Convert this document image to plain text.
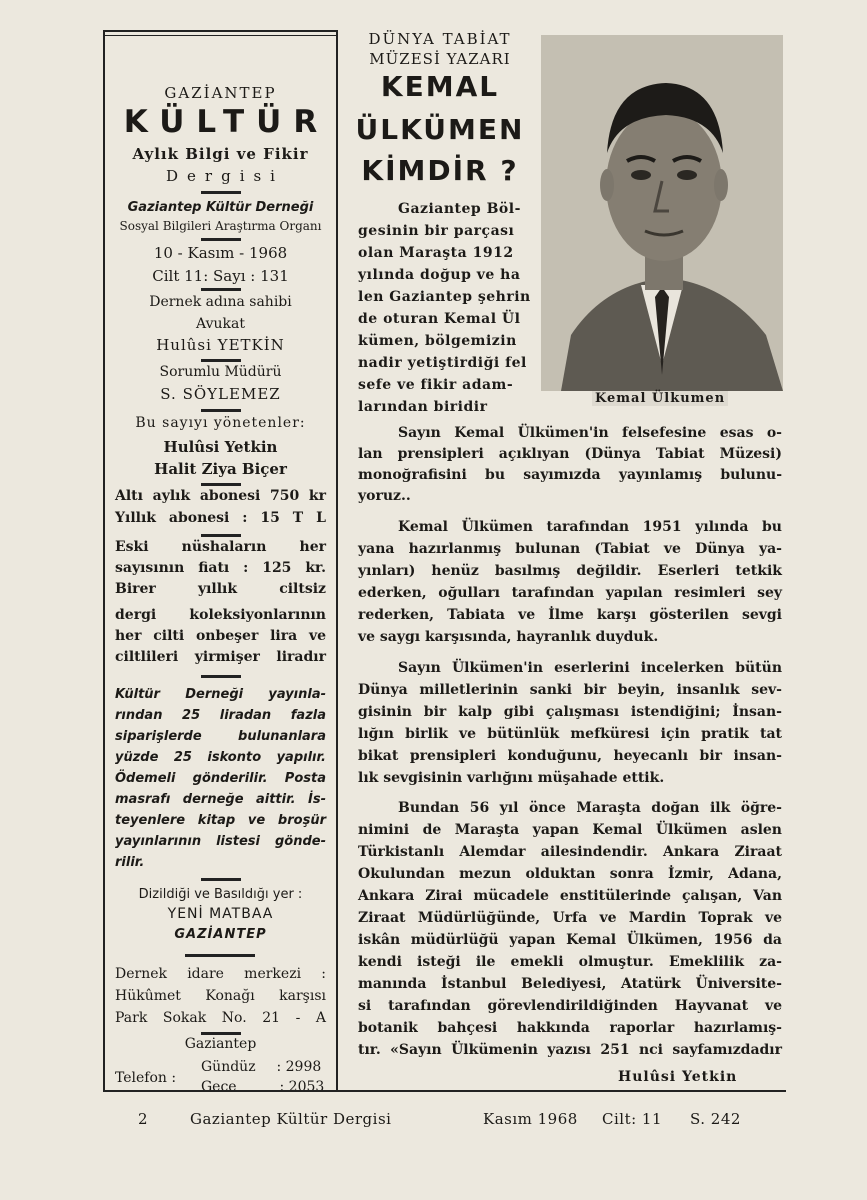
GAZİANTEP
KÜLTÜR
Aylık Bilgi ve Fikir
Dergisi
Gaziantep Kültür Derneği
Sosyal Bilgileri Araştırma Organı
10 - Kasım - 1968
Cilt 11: Sayı : 131
Dernek adına sahibi
Avukat
Hulûsi YETKİN
Sorumlu Müdürü
S. SÖYLEMEZ
Bu sayıyı yönetenler:
Hulûsi Yetkin
Halit Ziya Biçer
Altı aylık abonesi 750 kr
Yıllık abonesi : 15 T L
Eski nüshaların her
sayısının fiatı : 125 kr.
Birer yıllık ciltsiz
dergi koleksiyonlarının
her cilti onbeşer lira ve
ciltlileri yirmişer liradır
Kültür Derneği yayınla-
rından 25 liradan fazla
siparişlerde bulunanlara
yüzde 25 iskonto yapılır.
Ödemeli gönderilir. Posta
masrafı derneğe aittir. İs-
teyenlere kitap ve broşür
yayınlarının listesi gönde-
rilir.
Dizildiği ve Basıldığı yer :
YENİ MATBAA
GAZİANTEP
Dernek idare merkezi :
Hükûmet Konağı karşısı
Park Sokak No. 21 - A
Gaziantep
Telefon :
Gündüz : 2998
Gece	: 2053
DÜNYA TABİAT
MÜZESİ YAZARI
KEMAL
ÜLKÜMEN
KİMDİR ?
Gaziantep Böl-
gesinin bir parçası
olan Maraşta 1912
yılında doğup ve ha
len Gaziantep şehrin
de oturan Kemal Ül
kümen, bölgemizin
nadir yetiştirdiği fel
sefe ve fikir adam-
larından biridir
Kemal Ülkumen
Sayın Kemal Ülkümen'in felsefesine esas o-
lan prensipleri açıklıyan (Dünya Tabiat Müzesi)
monoğrafisini bu sayımızda yayınlamış bulunu-
yoruz..
Kemal Ülkümen tarafından 1951 yılında bu
yana hazırlanmış bulunan (Tabiat ve Dünya ya-
yınları) henüz basılmış değildir. Eserleri tetkik
ederken, oğulları tarafından yapılan resimleri sey
rederken, Tabiata ve İlme karşı gösterilen sevgi
ve saygı karşısında, hayranlık duyduk.
Sayın Ülkümen'in eserlerini incelerken bütün
Dünya milletlerinin sanki bir beyin, insanlık sev-
gisinin bir kalp gibi çalışması istendiğini; İnsan-
lığın birlik ve bütünlük mefküresi için pratik tat
bikat prensipleri konduğunu, heyecanlı bir insan-
lık sevgisinin varlığını müşahade ettik.
Bundan 56 yıl önce Maraşta doğan ilk öğre-
nimini de Maraşta yapan Kemal Ülkümen aslen
Türkistanlı Alemdar ailesindendir. Ankara Ziraat
Okulundan mezun olduktan sonra İzmir, Adana,
Ankara Zirai mücadele enstitülerinde çalışan, Van
Ziraat Müdürlüğünde, Urfa ve Mardin Toprak ve
iskân müdürlüğü yapan Kemal Ülkümen, 1956 da
kendi isteği ile emekli olmuştur. Emeklilik za-
manında İstanbul Belediyesi, Atatürk Üniversite-
si tarafından görevlendirildiğinden Hayvanat ve
botanik bahçesi hakkında raporlar hazırlamış-
tır. «Sayın Ülkümenin yazısı 251 nci sayfamızdadır
Hulûsi Yetkin
2	Gaziantep Kültür Dergisi	Kasım 1968 Cilt: 11 S. 242
